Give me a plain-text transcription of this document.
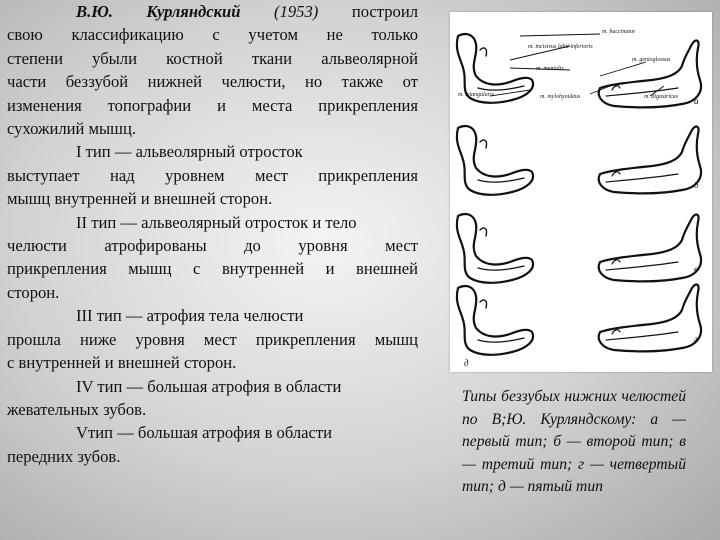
В.Ю. Курляндский (1953) построил

свою классификацию с учетом не только

степени убыли костной ткани альвеолярной

части беззубой нижней челюсти, но также от

изменения топографии и места прикрепления

сухожилий мышц.

I тип — альвеолярный отросток

выступает над уровнем мест прикрепления

мышц внутренней и внешней сторон.

II тип — альвеолярный отросток и тело

челюсти атрофированы до уровня мест

прикрепления мышц с внутренней и внешней

сторон.

III тип — атрофия тела челюсти

прошла ниже уровня мест прикрепления мышц

с внутренней и внешней сторон.

IV тип — большая атрофия в области

жевательных зубов.

Vтип — большая атрофия в области

передних зубов.

m. buccinator
m. incisivus labii inferioris
m. mentalis
m. genioglossus
m. triangularis	m. mylohyoideus	m. digastricus а
б
в
г
д
Типы беззубых нижних челюстей по В;Ю. Курляндскому: а — первый тип; б — второй тип; в — третий тип; г — четвертый тип; д — пятый тип
